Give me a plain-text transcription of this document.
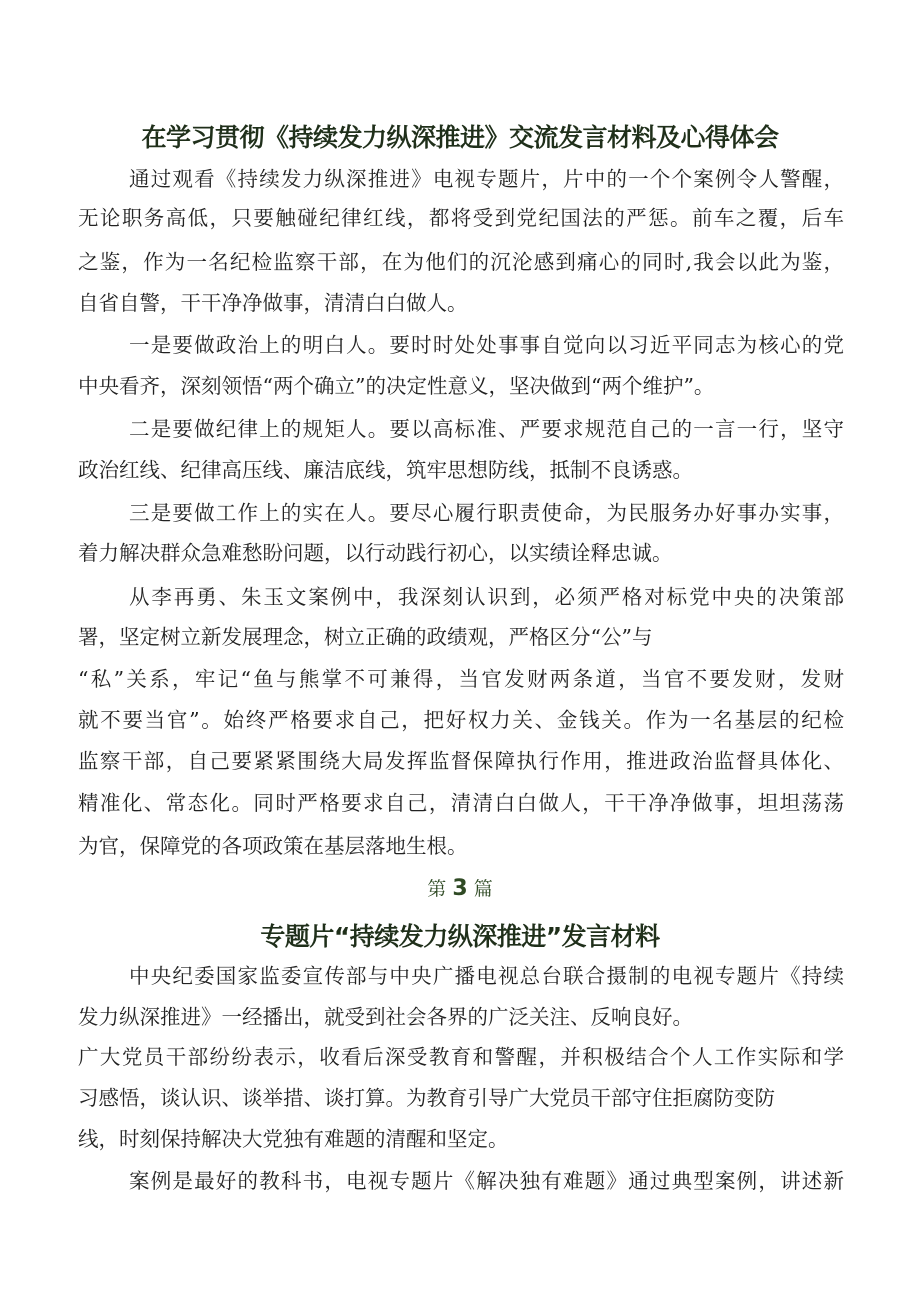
在学习贯彻《持续发力纵深推进》交流发言材料及心得体会
通过观看《持续发力纵深推进》电视专题片，片中的一个个案例令人警醒，
无论职务高低，只要触碰纪律红线，都将受到党纪国法的严惩。前车之覆，后车
之鉴，作为一名纪检监察干部，在为他们的沉沦感到痛心的同时,我会以此为鉴，
自省自警，干干净净做事，清清白白做人。
一是要做政治上的明白人。要时时处处事事自觉向以习近平同志为核心的党
中央看齐，深刻领悟“两个确立”的决定性意义，坚决做到“两个维护”。
二是要做纪律上的规矩人。要以高标准、严要求规范自己的一言一行，坚守
政治红线、纪律高压线、廉洁底线，筑牢思想防线，抵制不良诱惑。
三是要做工作上的实在人。要尽心履行职责使命，为民服务办好事办实事，
着力解决群众急难愁盼问题，以行动践行初心，以实绩诠释忠诚。
从李再勇、朱玉文案例中，我深刻认识到，必须严格对标党中央的决策部
署，坚定树立新发展理念，树立正确的政绩观，严格区分“公”与
“私”关系，牢记“鱼与熊掌不可兼得，当官发财两条道，当官不要发财，发财
就不要当官”。始终严格要求自己，把好权力关、金钱关。作为一名基层的纪检
监察干部，自己要紧紧围绕大局发挥监督保障执行作用，推进政治监督具体化、
精准化、常态化。同时严格要求自己，清清白白做人，干干净净做事，坦坦荡荡
为官，保障党的各项政策在基层落地生根。
第 3 篇
专题片“持续发力纵深推进”发言材料
中央纪委国家监委宣传部与中央广播电视总台联合摄制的电视专题片《持续
发力纵深推进》一经播出，就受到社会各界的广泛关注、反响良好。
广大党员干部纷纷表示，收看后深受教育和警醒，并积极结合个人工作实际和学
习感悟，谈认识、谈举措、谈打算。为教育引导广大党员干部守住拒腐防变防
线，时刻保持解决大党独有难题的清醒和坚定。
案例是最好的教科书，电视专题片《解决独有难题》通过典型案例，讲述新
